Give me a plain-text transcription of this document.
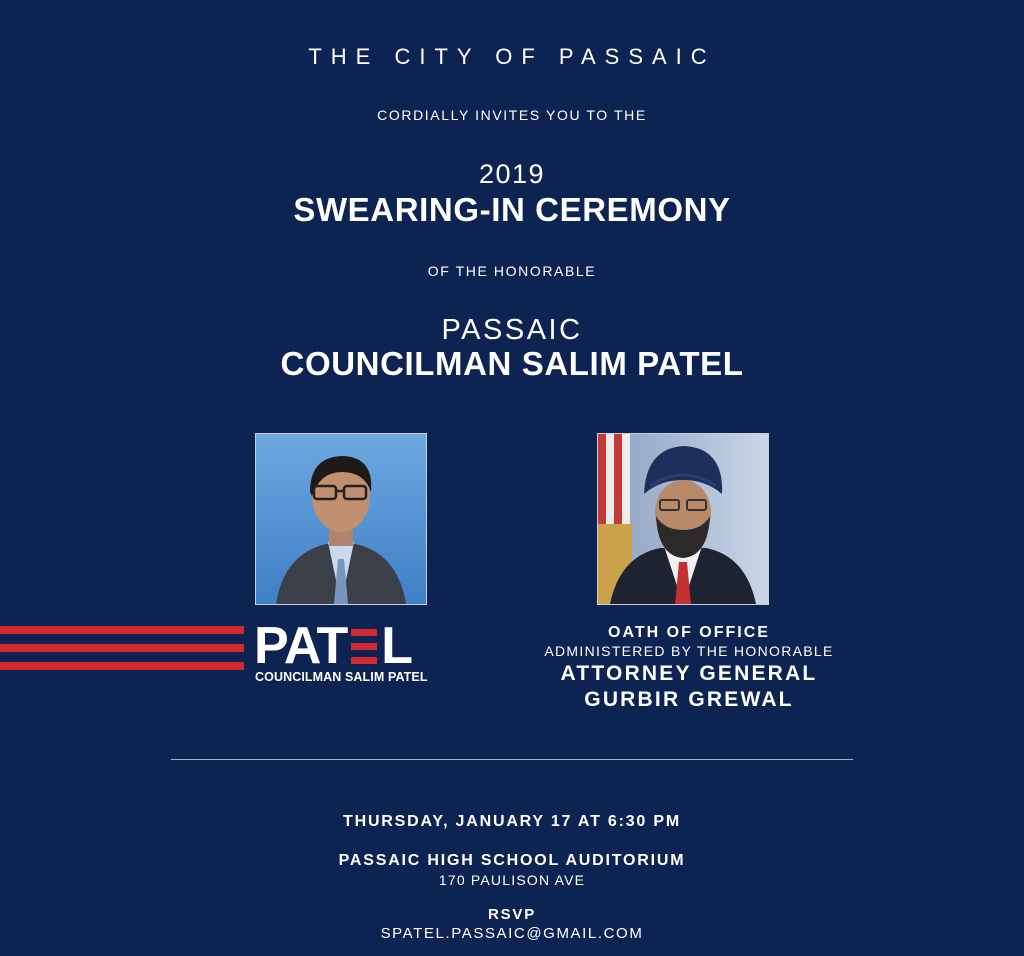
THE CITY OF PASSAIC
CORDIALLY INVITES YOU TO THE
2019
SWEARING-IN CEREMONY
OF THE HONORABLE
PASSAIC
COUNCILMAN SALIM PATEL
PAT L
COUNCILMAN SALIM PATEL
OATH OF OFFICE
ADMINISTERED BY THE HONORABLE
ATTORNEY GENERAL
GURBIR GREWAL
THURSDAY, JANUARY 17 AT 6:30 PM
PASSAIC HIGH SCHOOL AUDITORIUM
170 PAULISON AVE
RSVP
SPATEL.PASSAIC@GMAIL.COM
